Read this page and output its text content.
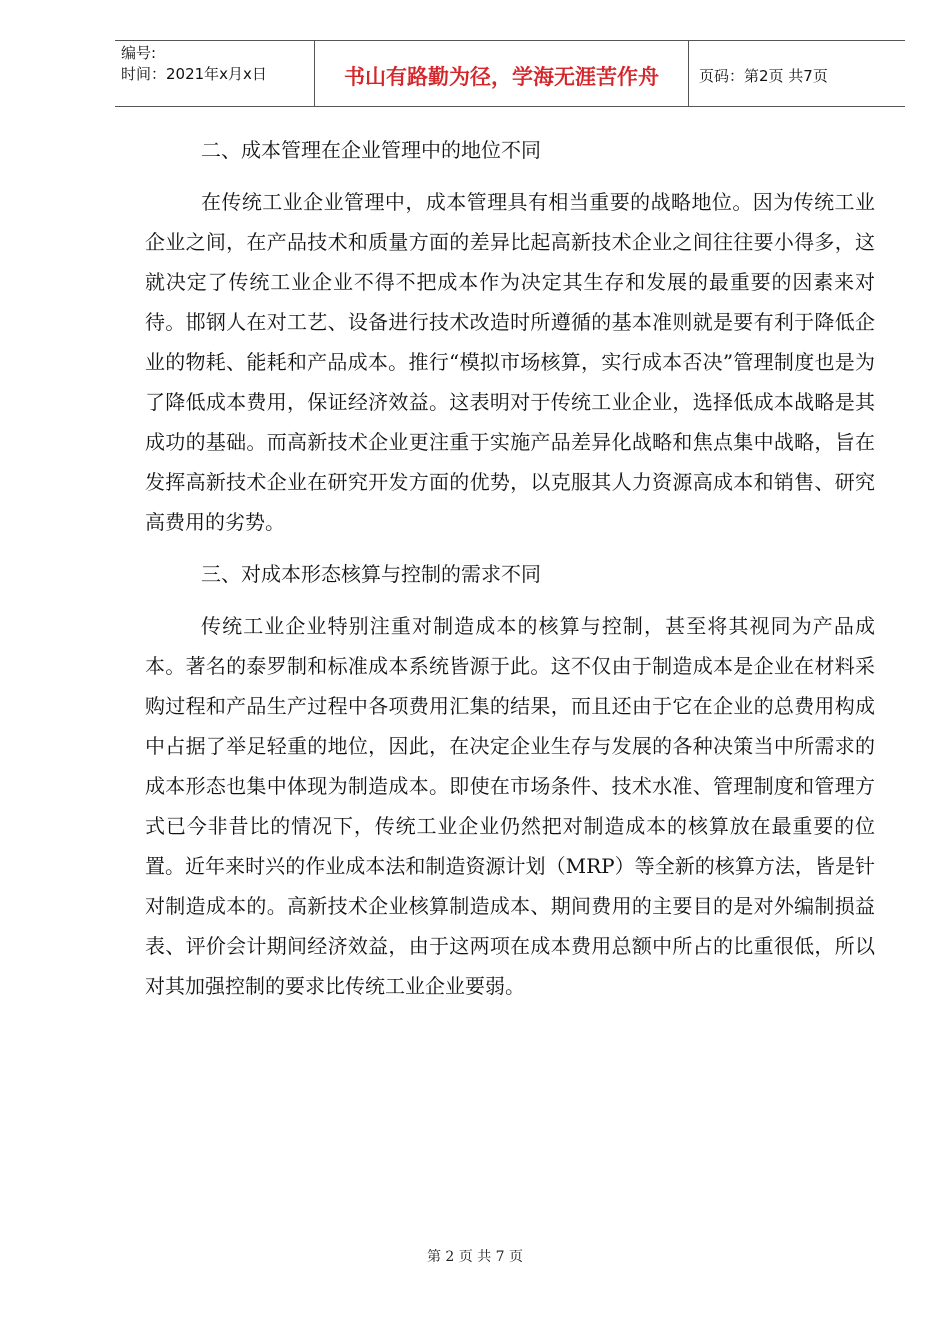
编号:
时间：2021年x月x日	书山有路勤为径，学海无涯苦作舟	页码：第2页 共7页
二、成本管理在企业管理中的地位不同

在传统工业企业管理中，成本管理具有相当重要的战略地位。因为传统工业企业之间，在产品技术和质量方面的差异比起高新技术企业之间往往要小得多，这就决定了传统工业企业不得不把成本作为决定其生存和发展的最重要的因素来对待。邯钢人在对工艺、设备进行技术改造时所遵循的基本准则就是要有利于降低企业的物耗、能耗和产品成本。推行“模拟市场核算，实行成本否决”管理制度也是为了降低成本费用，保证经济效益。这表明对于传统工业企业，选择低成本战略是其成功的基础。而高新技术企业更注重于实施产品差异化战略和焦点集中战略，旨在发挥高新技术企业在研究开发方面的优势，以克服其人力资源高成本和销售、研究高费用的劣势。

三、对成本形态核算与控制的需求不同

传统工业企业特别注重对制造成本的核算与控制，甚至将其视同为产品成本。著名的泰罗制和标准成本系统皆源于此。这不仅由于制造成本是企业在材料采购过程和产品生产过程中各项费用汇集的结果，而且还由于它在企业的总费用构成中占据了举足轻重的地位，因此，在决定企业生存与发展的各种决策当中所需求的成本形态也集中体现为制造成本。即使在市场条件、技术水准、管理制度和管理方式已今非昔比的情况下，传统工业企业仍然把对制造成本的核算放在最重要的位置。近年来时兴的作业成本法和制造资源计划（MRP）等全新的核算方法，皆是针对制造成本的。高新技术企业核算制造成本、期间费用的主要目的是对外编制损益表、评价会计期间经济效益，由于这两项在成本费用总额中所占的比重很低，所以对其加强控制的要求比传统工业企业要弱。

第 2 页 共 7 页
